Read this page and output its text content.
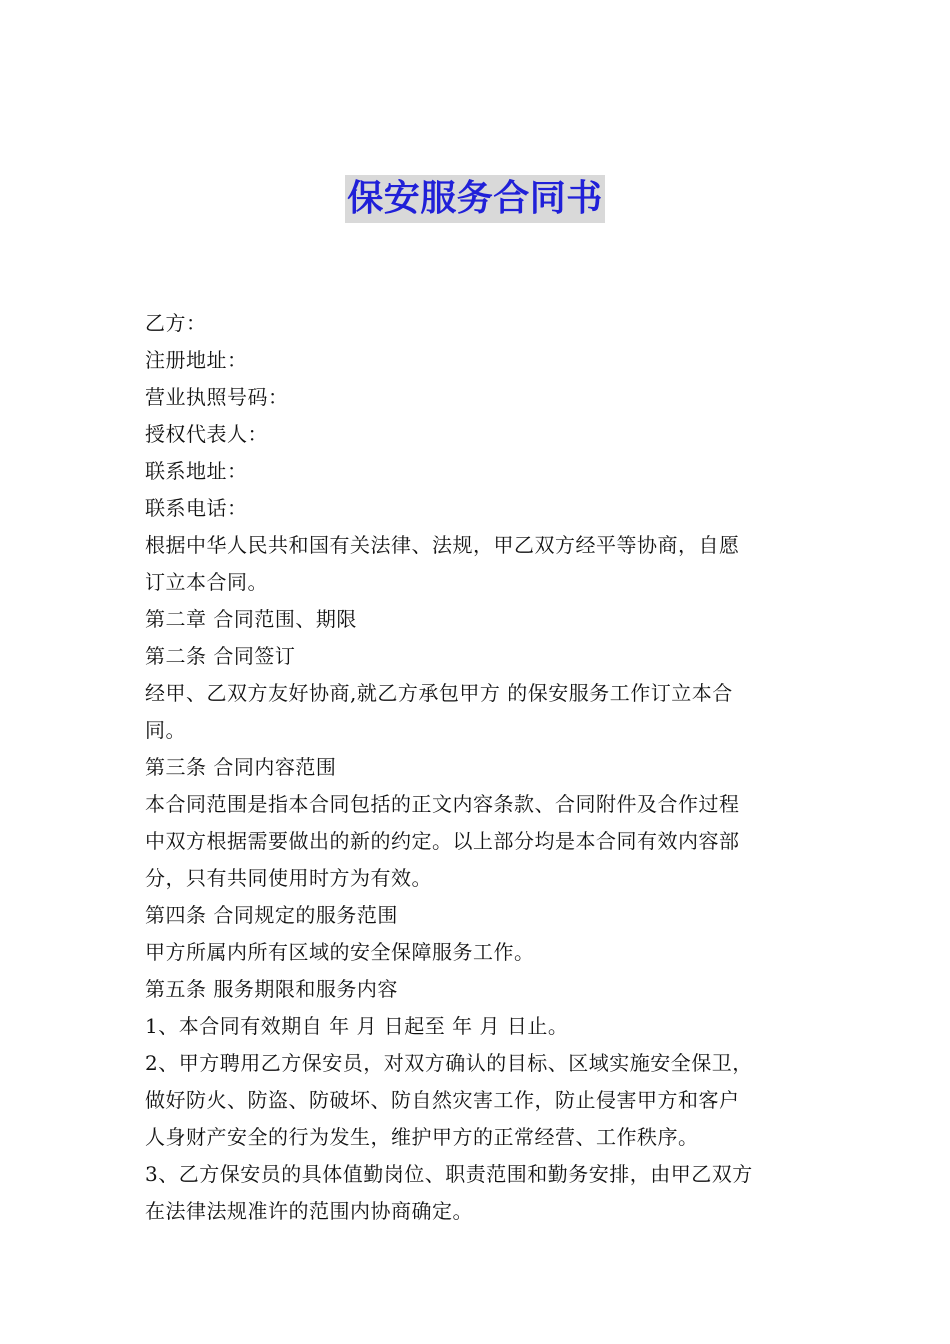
保安服务合同书
乙方：
注册地址：
营业执照号码：
授权代表人：
联系地址：
联系电话：
根据中华人民共和国有关法律、法规，甲乙双方经平等协商，自愿
订立本合同。
第二章 合同范围、期限
第二条 合同签订
经甲、乙双方友好协商,就乙方承包甲方 的保安服务工作订立本合
同。
第三条 合同内容范围
本合同范围是指本合同包括的正文内容条款、合同附件及合作过程
中双方根据需要做出的新的约定。以上部分均是本合同有效内容部
分，只有共同使用时方为有效。
第四条 合同规定的服务范围
甲方所属内所有区域的安全保障服务工作。
第五条 服务期限和服务内容
1、本合同有效期自 年 月 日起至 年 月 日止。
2、甲方聘用乙方保安员，对双方确认的目标、区域实施安全保卫，
做好防火、防盗、防破坏、防自然灾害工作，防止侵害甲方和客户
人身财产安全的行为发生，维护甲方的正常经营、工作秩序。
3、乙方保安员的具体值勤岗位、职责范围和勤务安排，由甲乙双方
在法律法规准许的范围内协商确定。
